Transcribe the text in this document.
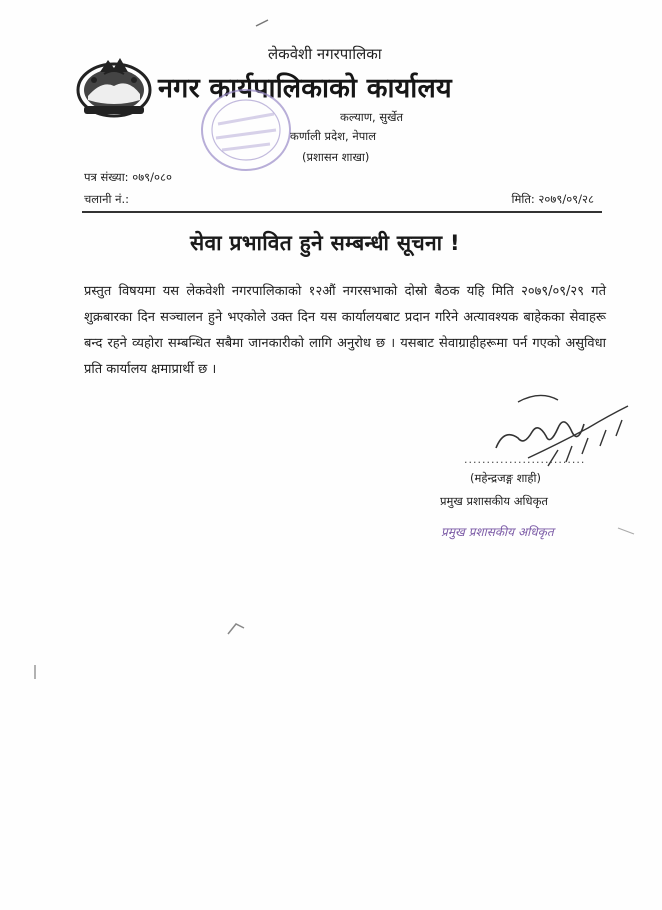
लेकवेशी नगरपालिका
नगर कार्यपालिकाको कार्यालय
कल्याण, सुर्खेत
कर्णाली प्रदेश, नेपाल
(प्रशासन शाखा)
पत्र संख्या: ०७९/०८०
चलानी नं.:	मिति: २०७९/०९/२८
सेवा प्रभावित हुने सम्बन्धी सूचना !
प्रस्तुत विषयमा यस लेकवेशी नगरपालिकाको १२औं नगरसभाको दोस्रो बैठक यहि मिति २०७९/०९/२९ गते शुक्रबारका दिन सञ्चालन हुने भएकोले उक्त दिन यस कार्यालयबाट प्रदान गरिने अत्यावश्यक बाहेकका सेवाहरू बन्द रहने व्यहोरा सम्बन्धित सबैमा जानकारीको लागि अनुरोध छ । यसबाट सेवाग्राहीहरूमा पर्न गएको असुविधा प्रति कार्यालय क्षमाप्रार्थी छ ।
...........................
(महेन्द्रजङ्ग शाही)
प्रमुख प्रशासकीय अधिकृत
प्रमुख प्रशासकीय अधिकृत
